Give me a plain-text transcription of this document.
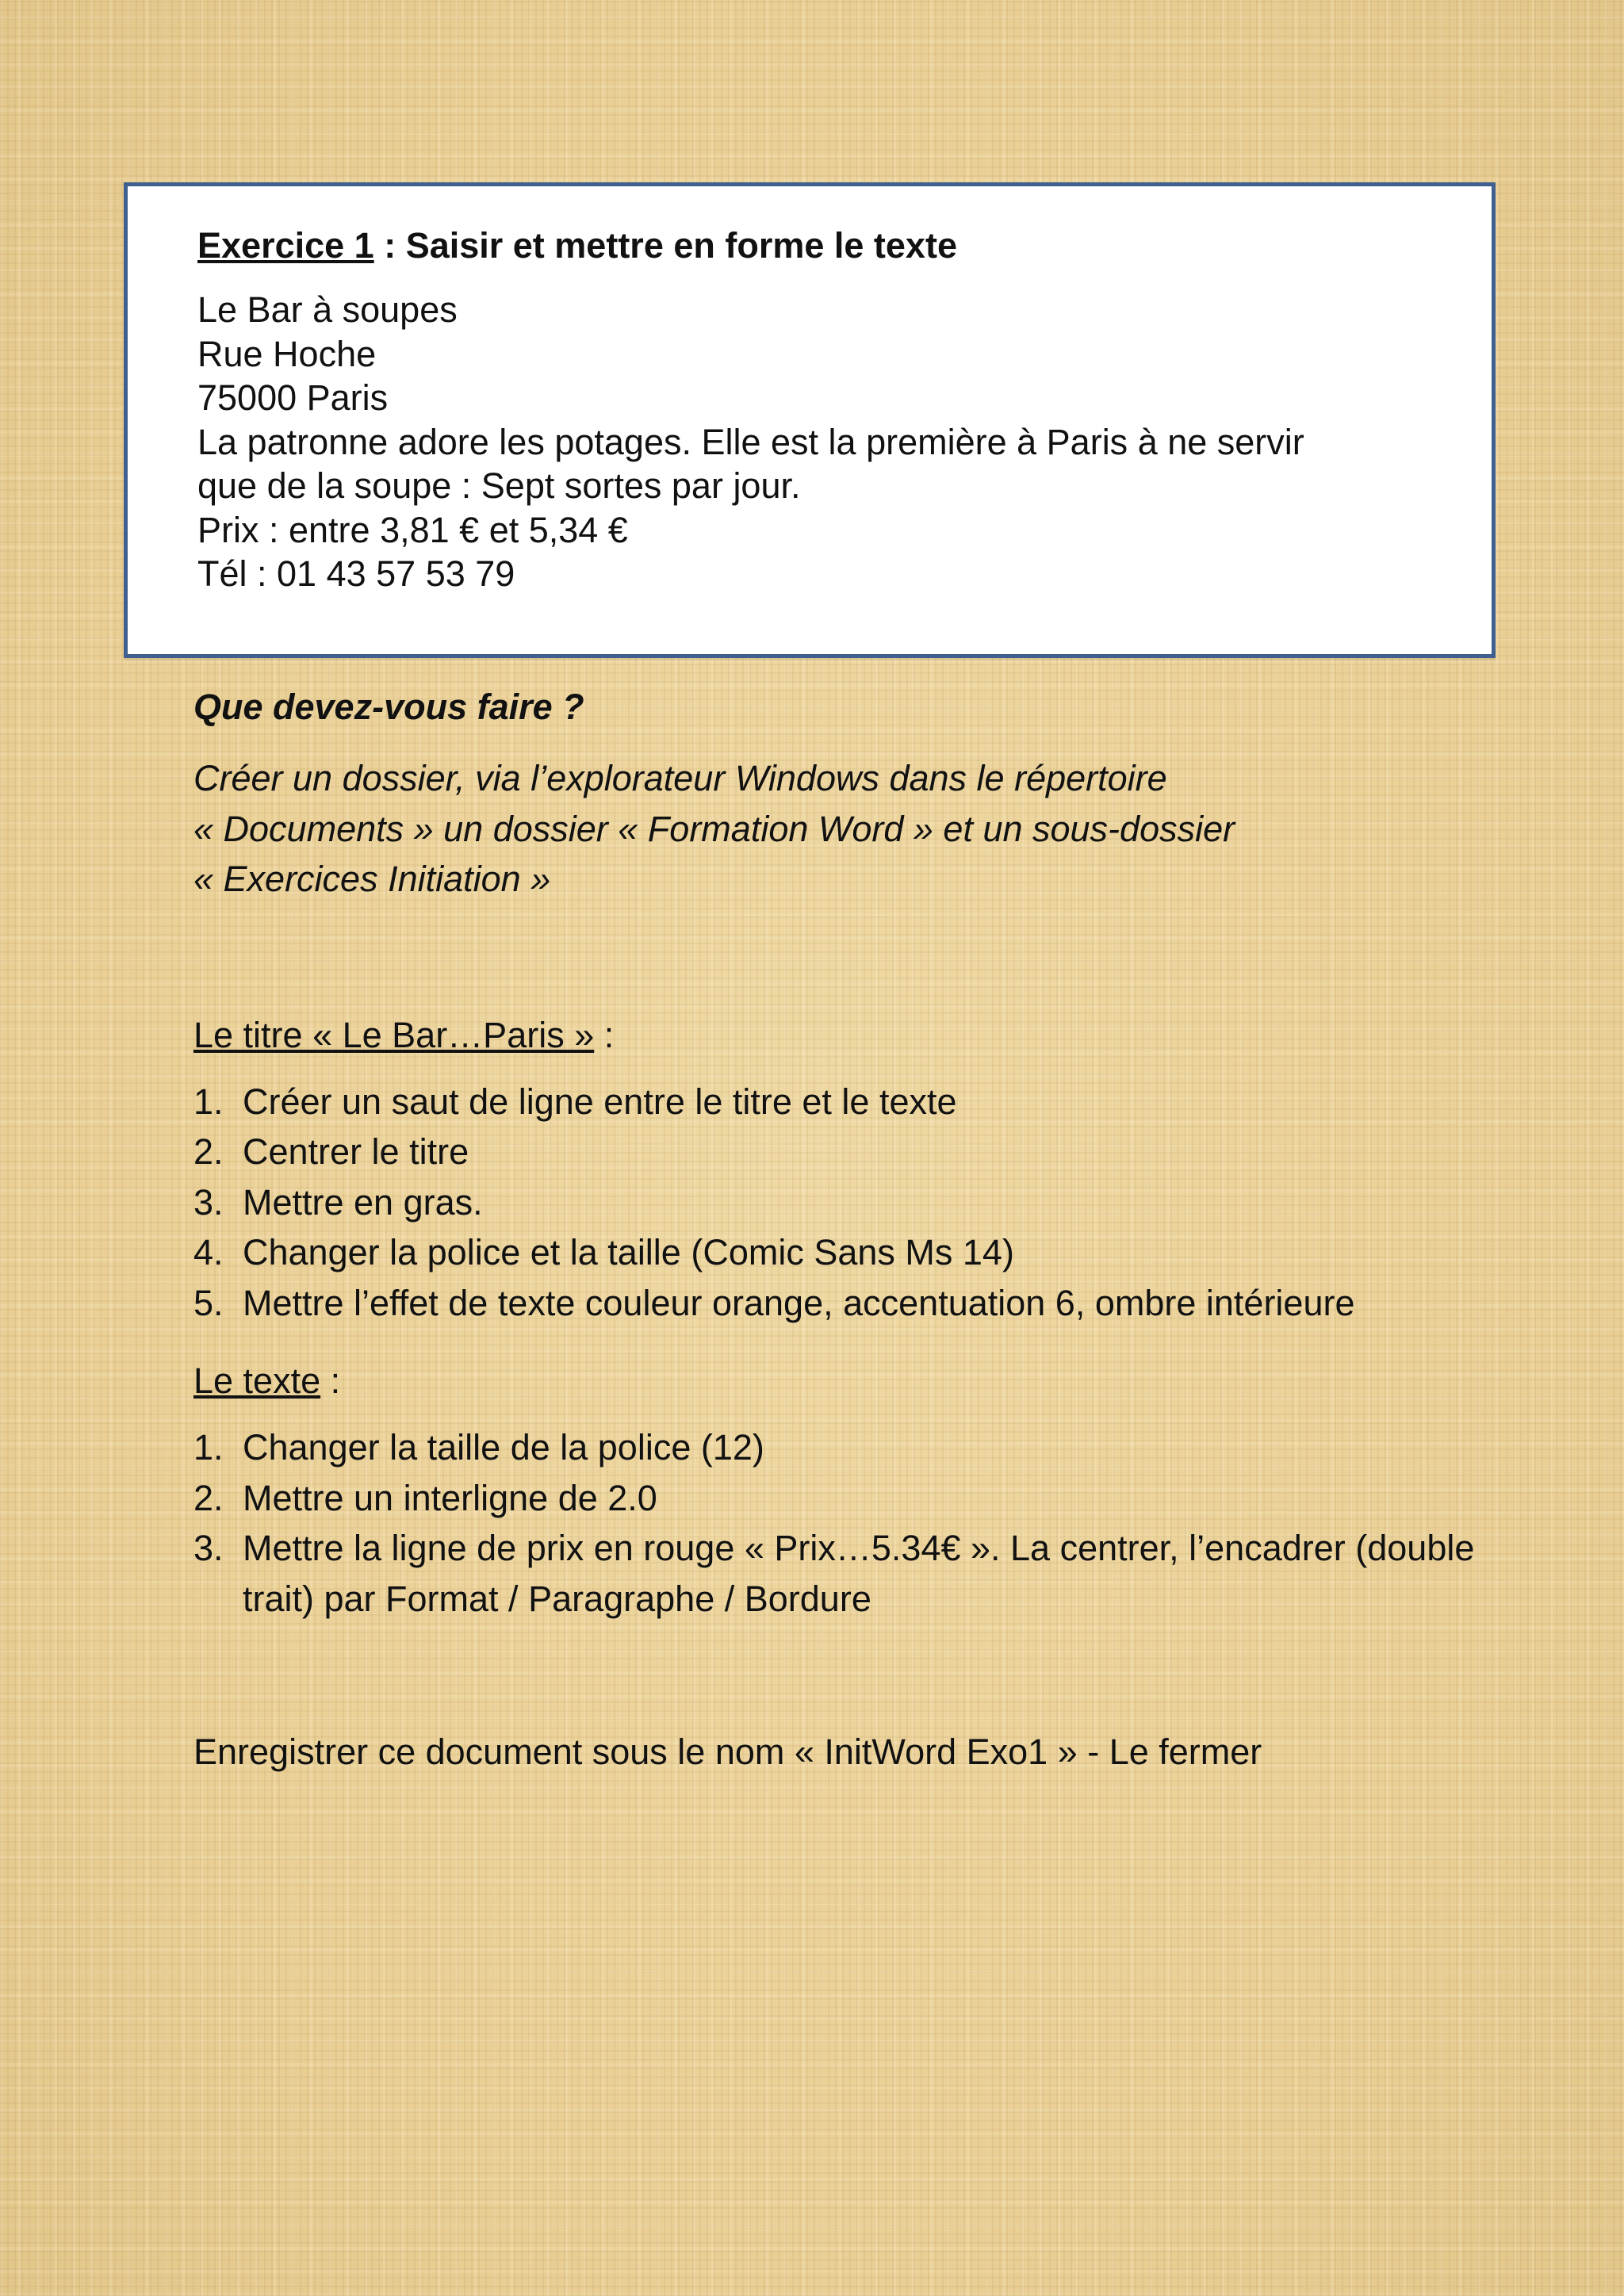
Exercice 1 : Saisir et mettre en forme le texte

Le Bar à soupes
Rue Hoche
75000 Paris
La patronne adore les potages. Elle est la première à Paris à ne servir
que de la soupe : Sept sortes par jour.
Prix : entre 3,81 € et 5,34 €
Tél : 01 43 57 53 79

Que devez-vous faire ?

Créer un dossier, via l’explorateur Windows dans le répertoire
« Documents » un dossier « Formation Word » et un sous-dossier
« Exercices Initiation »

Le titre « Le Bar…Paris » :

1. Créer un saut de ligne entre le titre et le texte
2. Centrer le titre
3. Mettre en gras.
4. Changer la police et la taille (Comic Sans Ms 14)
5. Mettre l’effet de texte couleur orange, accentuation 6, ombre intérieure

Le texte :

1. Changer la taille de la police (12)
2. Mettre un interligne de 2.0
3. Mettre la ligne de prix en rouge « Prix…5.34€ ». La centrer, l’encadrer (double trait) par Format / Paragraphe / Bordure

Enregistrer ce document sous le nom « InitWord Exo1 » - Le fermer
